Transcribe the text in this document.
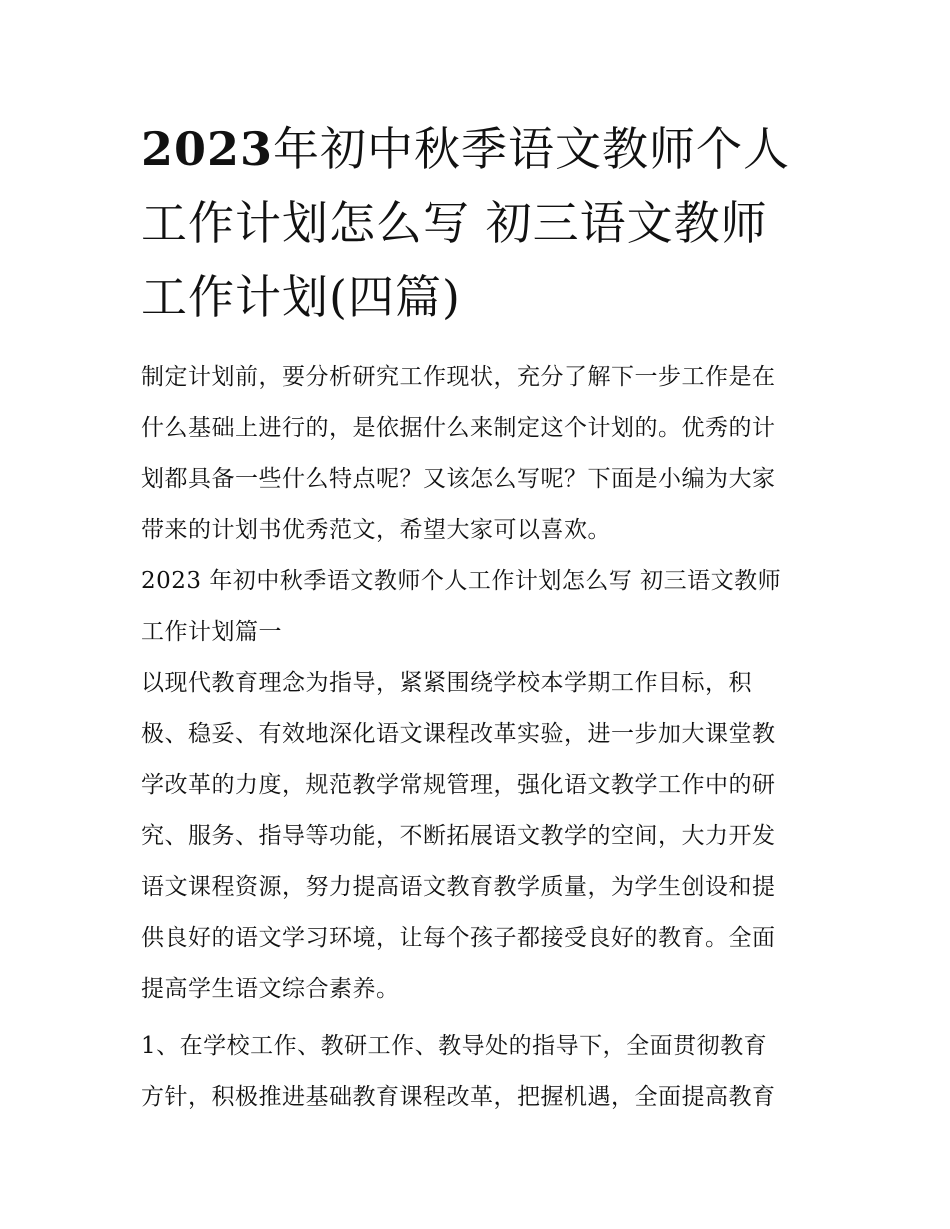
2023年初中秋季语文教师个人
工作计划怎么写 初三语文教师
工作计划(四篇)

制定计划前，要分析研究工作现状，充分了解下一步工作是在
什么基础上进行的，是依据什么来制定这个计划的。优秀的计
划都具备一些什么特点呢？又该怎么写呢？下面是小编为大家
带来的计划书优秀范文，希望大家可以喜欢。

2023 年初中秋季语文教师个人工作计划怎么写 初三语文教师
工作计划篇一

以现代教育理念为指导，紧紧围绕学校本学期工作目标，积
极、稳妥、有效地深化语文课程改革实验，进一步加大课堂教
学改革的力度，规范教学常规管理，强化语文教学工作中的研
究、服务、指导等功能，不断拓展语文教学的空间，大力开发
语文课程资源，努力提高语文教育教学质量，为学生创设和提
供良好的语文学习环境，让每个孩子都接受良好的教育。全面
提高学生语文综合素养。

1、在学校工作、教研工作、教导处的指导下，全面贯彻教育
方针，积极推进基础教育课程改革，把握机遇，全面提高教育
